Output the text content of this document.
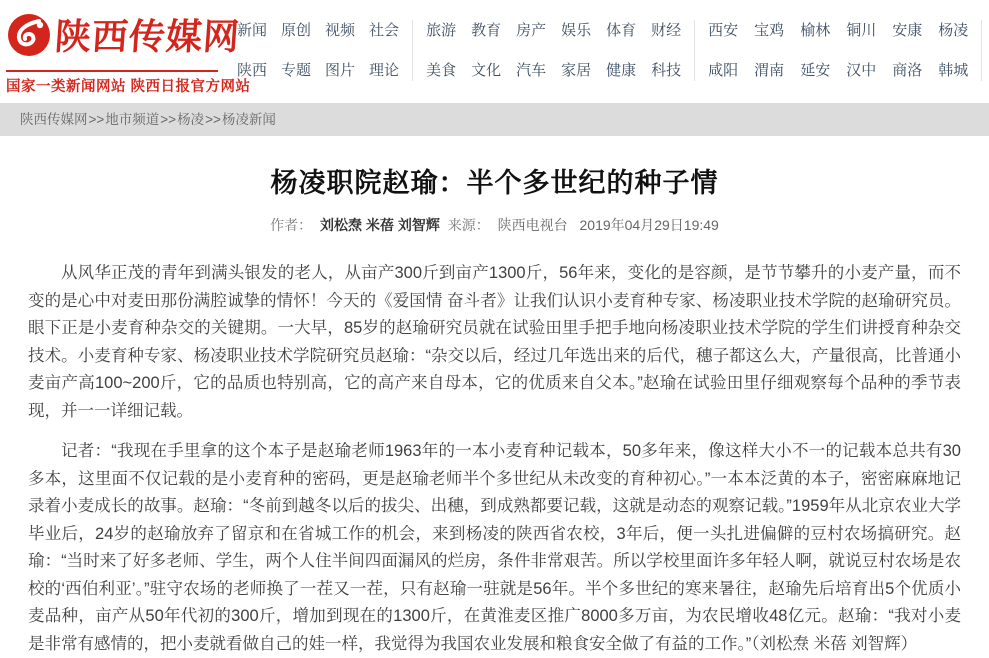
陕西传媒网
国家一类新闻网站 陕西日报官方网站
新闻
陕西
原创
专题
视频
图片
社会
理论
旅游
美食
教育
文化
房产
汽车
娱乐
家居
体育
健康
财经
科技
西安
咸阳
宝鸡
渭南
榆林
延安
铜川
汉中
安康
商洛
杨凌
韩城
陕西传媒网>>地市频道>>杨凌>>杨凌新闻
杨凌职院赵瑜：半个多世纪的种子情
作者： 刘松焘 米蓓 刘智辉 来源： 陕西电视台 2019年04月29日19:49

从风华正茂的青年到满头银发的老人，从亩产300斤到亩产1300斤，56年来，变化的是容颜，是节节攀升的小麦产量，而不变的是心中对麦田那份满腔诚挚的情怀！今天的《爱国情 奋斗者》让我们认识小麦育种专家、杨凌职业技术学院的赵瑜研究员。眼下正是小麦育种杂交的关键期。一大早，85岁的赵瑜研究员就在试验田里手把手地向杨凌职业技术学院的学生们讲授育种杂交技术。小麦育种专家、杨凌职业技术学院研究员赵瑜：“杂交以后，经过几年选出来的后代，穗子都这么大，产量很高，比普通小麦亩产高100~200斤，它的品质也特别高，它的高产来自母本，它的优质来自父本。”赵瑜在试验田里仔细观察每个品种的季节表现，并一一详细记载。

记者：“我现在手里拿的这个本子是赵瑜老师1963年的一本小麦育种记载本，50多年来，像这样大小不一的记载本总共有30多本，这里面不仅记载的是小麦育种的密码，更是赵瑜老师半个多世纪从未改变的育种初心。”一本本泛黄的本子，密密麻麻地记录着小麦成长的故事。赵瑜：“冬前到越冬以后的拔尖、出穗，到成熟都要记载，这就是动态的观察记载。”1959年从北京农业大学毕业后，24岁的赵瑜放弃了留京和在省城工作的机会，来到杨凌的陕西省农校，3年后，便一头扎进偏僻的豆村农场搞研究。赵瑜：“当时来了好多老师、学生，两个人住半间四面漏风的烂房，条件非常艰苦。所以学校里面许多年轻人啊，就说豆村农场是农校的‘西伯利亚’。”驻守农场的老师换了一茬又一茬，只有赵瑜一驻就是56年。半个多世纪的寒来暑往，赵瑜先后培育出5个优质小麦品种，亩产从50年代初的300斤，增加到现在的1300斤，在黄淮麦区推广8000多万亩，为农民增收48亿元。赵瑜：“我对小麦是非常有感情的，把小麦就看做自己的娃一样，我觉得为我国农业发展和粮食安全做了有益的工作。”（刘松焘 米蓓 刘智辉）
